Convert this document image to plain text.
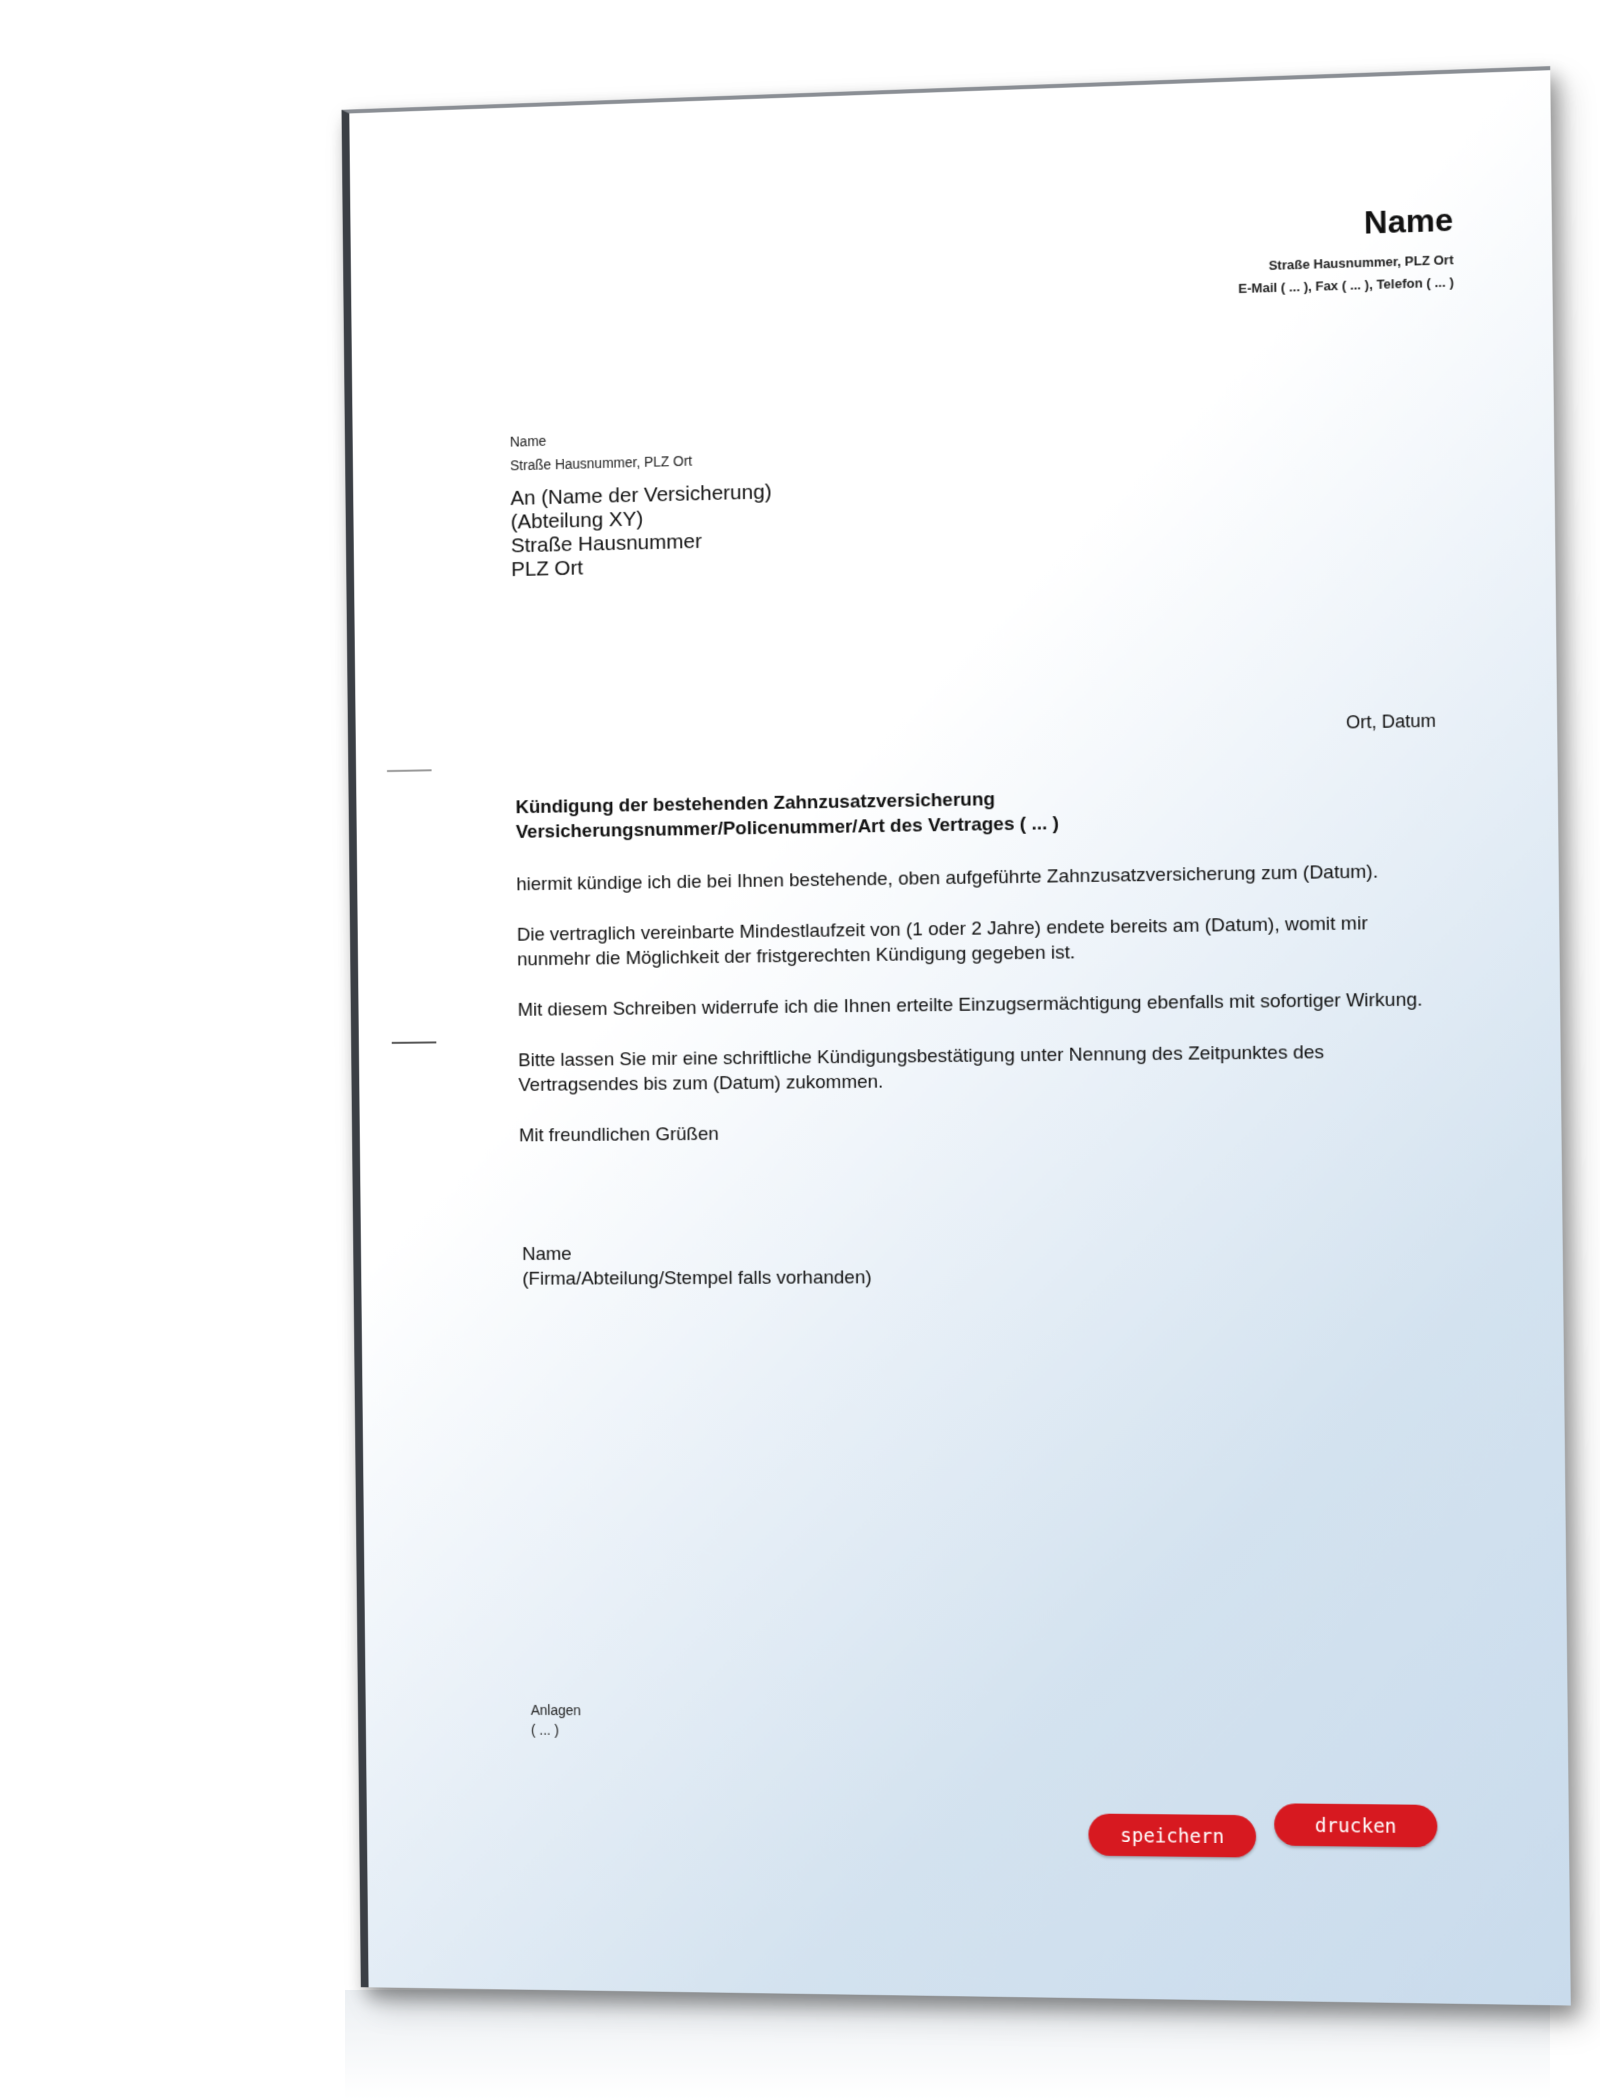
Name
Straße Hausnummer, PLZ Ort
E-Mail ( ... ), Fax ( ... ), Telefon ( ... )
Name
Straße Hausnummer, PLZ Ort
An (Name der Versicherung)
(Abteilung XY)
Straße Hausnummer
PLZ Ort
Ort, Datum
Kündigung der bestehenden Zahnzusatzversicherung
Versicherungsnummer/Policenummer/Art des Vertrages ( ... )

hiermit kündige ich die bei Ihnen bestehende, oben aufgeführte Zahnzusatzversicherung zum (Datum).

Die vertraglich vereinbarte Mindestlaufzeit von (1 oder 2 Jahre) endete bereits am (Datum), womit mir nunmehr die Möglichkeit der fristgerechten Kündigung gegeben ist.

Mit diesem Schreiben widerrufe ich die Ihnen erteilte Einzugsermächtigung ebenfalls mit sofortiger Wirkung.

Bitte lassen Sie mir eine schriftliche Kündigungsbestätigung unter Nennung des Zeitpunktes des Vertragsendes bis zum (Datum) zukommen.

Mit freundlichen Grüßen

Name
(Firma/Abteilung/Stempel falls vorhanden)
Anlagen
( ... )
speichern	drucken
